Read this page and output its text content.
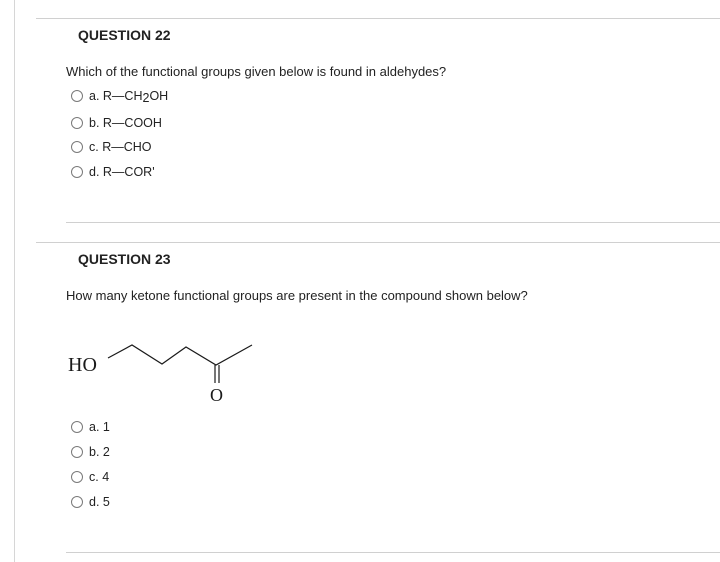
QUESTION 22
Which of the functional groups given below is found in aldehydes?
a. $R—CH_2OH$
b. R—COOH
c. R—CHO
d. R—COR'
QUESTION 23
How many ketone functional groups are present in the compound shown below?
HO
O
a. 1
b. 2
c. 4
d. 5
